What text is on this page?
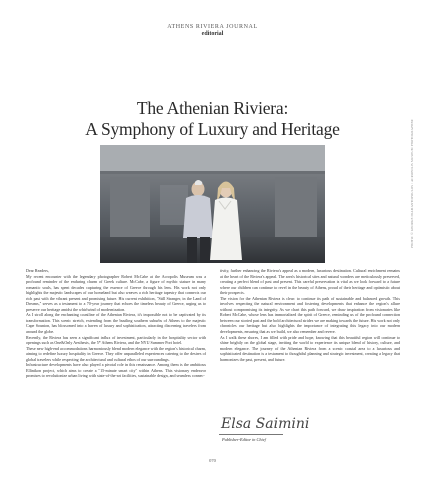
ATHENS RIVIERA JOURNAL
editorial
The Athenian Riviera:
A Symphony of Luxury and Heritage

Dear Readers,

My recent encounter with the legendary photographer Robert McCabe at the Acropolis Museum was a profound reminder of the enduring charm of Greek culture. McCabe, a figure of mythic stature in many romantic souls, has spent decades capturing the essence of Greece through his lens. His work not only highlights the majestic landscapes of our homeland but also weaves a rich heritage tapestry that connects our rich past with the vibrant present and promising future. His current exhibition, "Still Stranger, in the Land of Dreams," serves as a testament to a 70-year journey that echoes the timeless beauty of Greece, urging us to preserve our heritage amidst the whirlwind of modernization.

As I stroll along the enchanting coastline of the Athenian Riviera, it's impossible not to be captivated by its transformation. This scenic stretch, extending from the bustling southern suburbs of Athens to the majestic Cape Sounion, has blossomed into a haven of luxury and sophistication, attracting discerning travelers from around the globe.

Recently, the Riviera has seen a significant influx of investment, particularly in the hospitality sector with openings such as One&Only Aesthesis, the 5* Athens Riviera, and the NYU Summer Port hotel.

These new high-end accommodations harmoniously blend modern elegance with the region's historical charm, aiming to redefine luxury hospitality in Greece. They offer unparalleled experiences catering to the desires of global travelers while respecting the architectural and cultural ethos of our surroundings.

Infrastructure developments have also played a pivotal role in this renaissance. Among them is the ambitious Ellinikon project, which aims to create a "15-minute smart city" within Athens. This visionary endeavor promises to revolutionize urban living with state-of-the-art facilities, sustainable design, and seamless connec-

tivity, further enhancing the Riviera's appeal as a modern, luxurious destination. Cultural enrichment remains at the heart of the Riviera's appeal. The area's historical sites and natural wonders are meticulously preserved, creating a perfect blend of past and present. This careful preservation is vital as we look forward to a future where our children can continue to revel in the beauty of Athens, proud of their heritage and optimistic about their prospects.

The vision for the Athenian Riviera is clear: to continue its path of sustainable and balanced growth. This involves respecting the natural environment and fostering developments that enhance the region's allure without compromising its integrity. As we chart this path forward, we draw inspiration from visionaries like Robert McCabe, whose lens has immortalized the spirit of Greece, reminding us of the profound connection between our storied past and the bold architectural strides we are making towards the future. His work not only chronicles our heritage but also highlights the importance of integrating this legacy into our modern developments, ensuring that as we build, we also remember and revere.

As I walk these shores, I am filled with pride and hope, knowing that this beautiful region will continue to shine brightly on the global stage, inviting the world to experience its unique blend of history, culture, and modern elegance. The journey of the Athenian Riviera from a scenic coastal area to a luxurious and sophisticated destination is a testament to thoughtful planning and strategic investment, creating a legacy that harmonizes the past, present, and future.

Elsa Saimini
Publisher-Editor in Chief
PHOTO: © GEORGE DIAMANTOPOULOS / ACROPOLIS MUSEUM PHOTOGRAPHER
070
